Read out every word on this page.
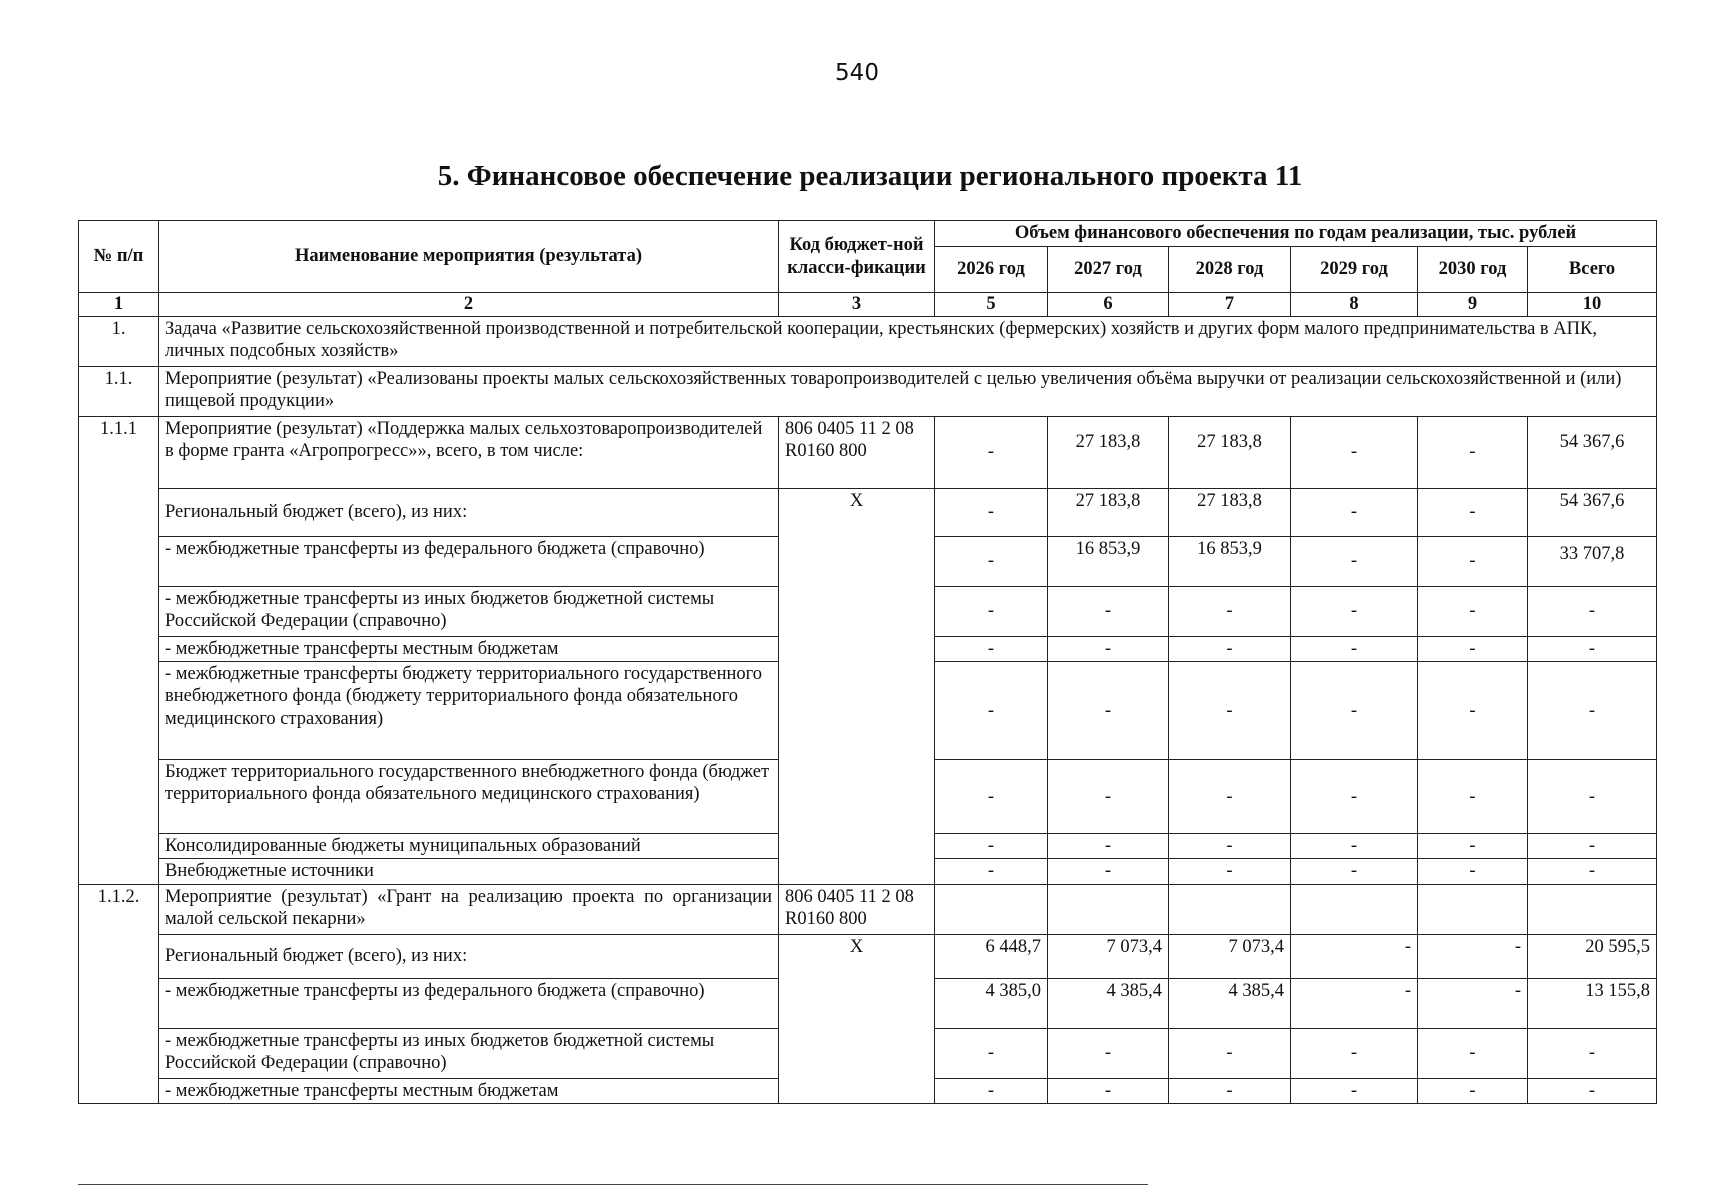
540
5. Финансовое обеспечение реализации регионального проекта 11
№ п/п	Наименование мероприятия (результата)	Код бюджет-ной класси-фикации	Объем финансового обеспечения по годам реализации, тыс. рублей					
			2026 год	2027 год	2028 год	2029 год	2030 год	Всего
1	2	3	5	6	7	8	9	10
1.	Задача «Развитие сельскохозяйственной производственной и потребительской кооперации, крестьянских (фермерских) хозяйств и других форм малого предпринимательства в АПК, личных подсобных хозяйств»							
1.1.	Мероприятие (результат) «Реализованы проекты малых сельскохозяйственных товаропроизводителей с целью увеличения объёма выручки от реализации сельскохозяйственной и (или) пищевой продукции»							
1.1.1	Мероприятие (результат) «Поддержка малых сельхозтоваропроизводителей в форме гранта «Агропрогресс»», всего, в том числе:	806 0405 11 2 08 R0160 800	-	27 183,8	27 183,8	-	-	54 367,6
	Региональный бюджет (всего), из них:	X	-	27 183,8	27 183,8	-	-	54 367,6
	- межбюджетные трансферты из федерального бюджета (справочно)		-	16 853,9	16 853,9	-	-	33 707,8
	- межбюджетные трансферты из иных бюджетов бюджетной системы Российской Федерации (справочно)		-	-	-	-	-	-
	- межбюджетные трансферты местным бюджетам		-	-	-	-	-	-
	- межбюджетные трансферты бюджету территориального государственного внебюджетного фонда (бюджету территориального фонда обязательного медицинского страхования)		-	-	-	-	-	-
	Бюджет территориального государственного внебюджетного фонда (бюджет территориального фонда обязательного медицинского страхования)		-	-	-	-	-	-
	Консолидированные бюджеты муниципальных образований		-	-	-	-	-	-
	Внебюджетные источники		-	-	-	-	-	-
1.1.2.	Мероприятие (результат) «Грант на реализацию проекта по организации малой сельской пекарни»	806 0405 11 2 08 R0160 800						
	Региональный бюджет (всего), из них:	X	6 448,7	7 073,4	7 073,4	-	-	20 595,5
	- межбюджетные трансферты из федерального бюджета (справочно)		4 385,0	4 385,4	4 385,4	-	-	13 155,8
	- межбюджетные трансферты из иных бюджетов бюджетной системы Российской Федерации (справочно)		-	-	-	-	-	-
	- межбюджетные трансферты местным бюджетам		-	-	-	-	-	-
